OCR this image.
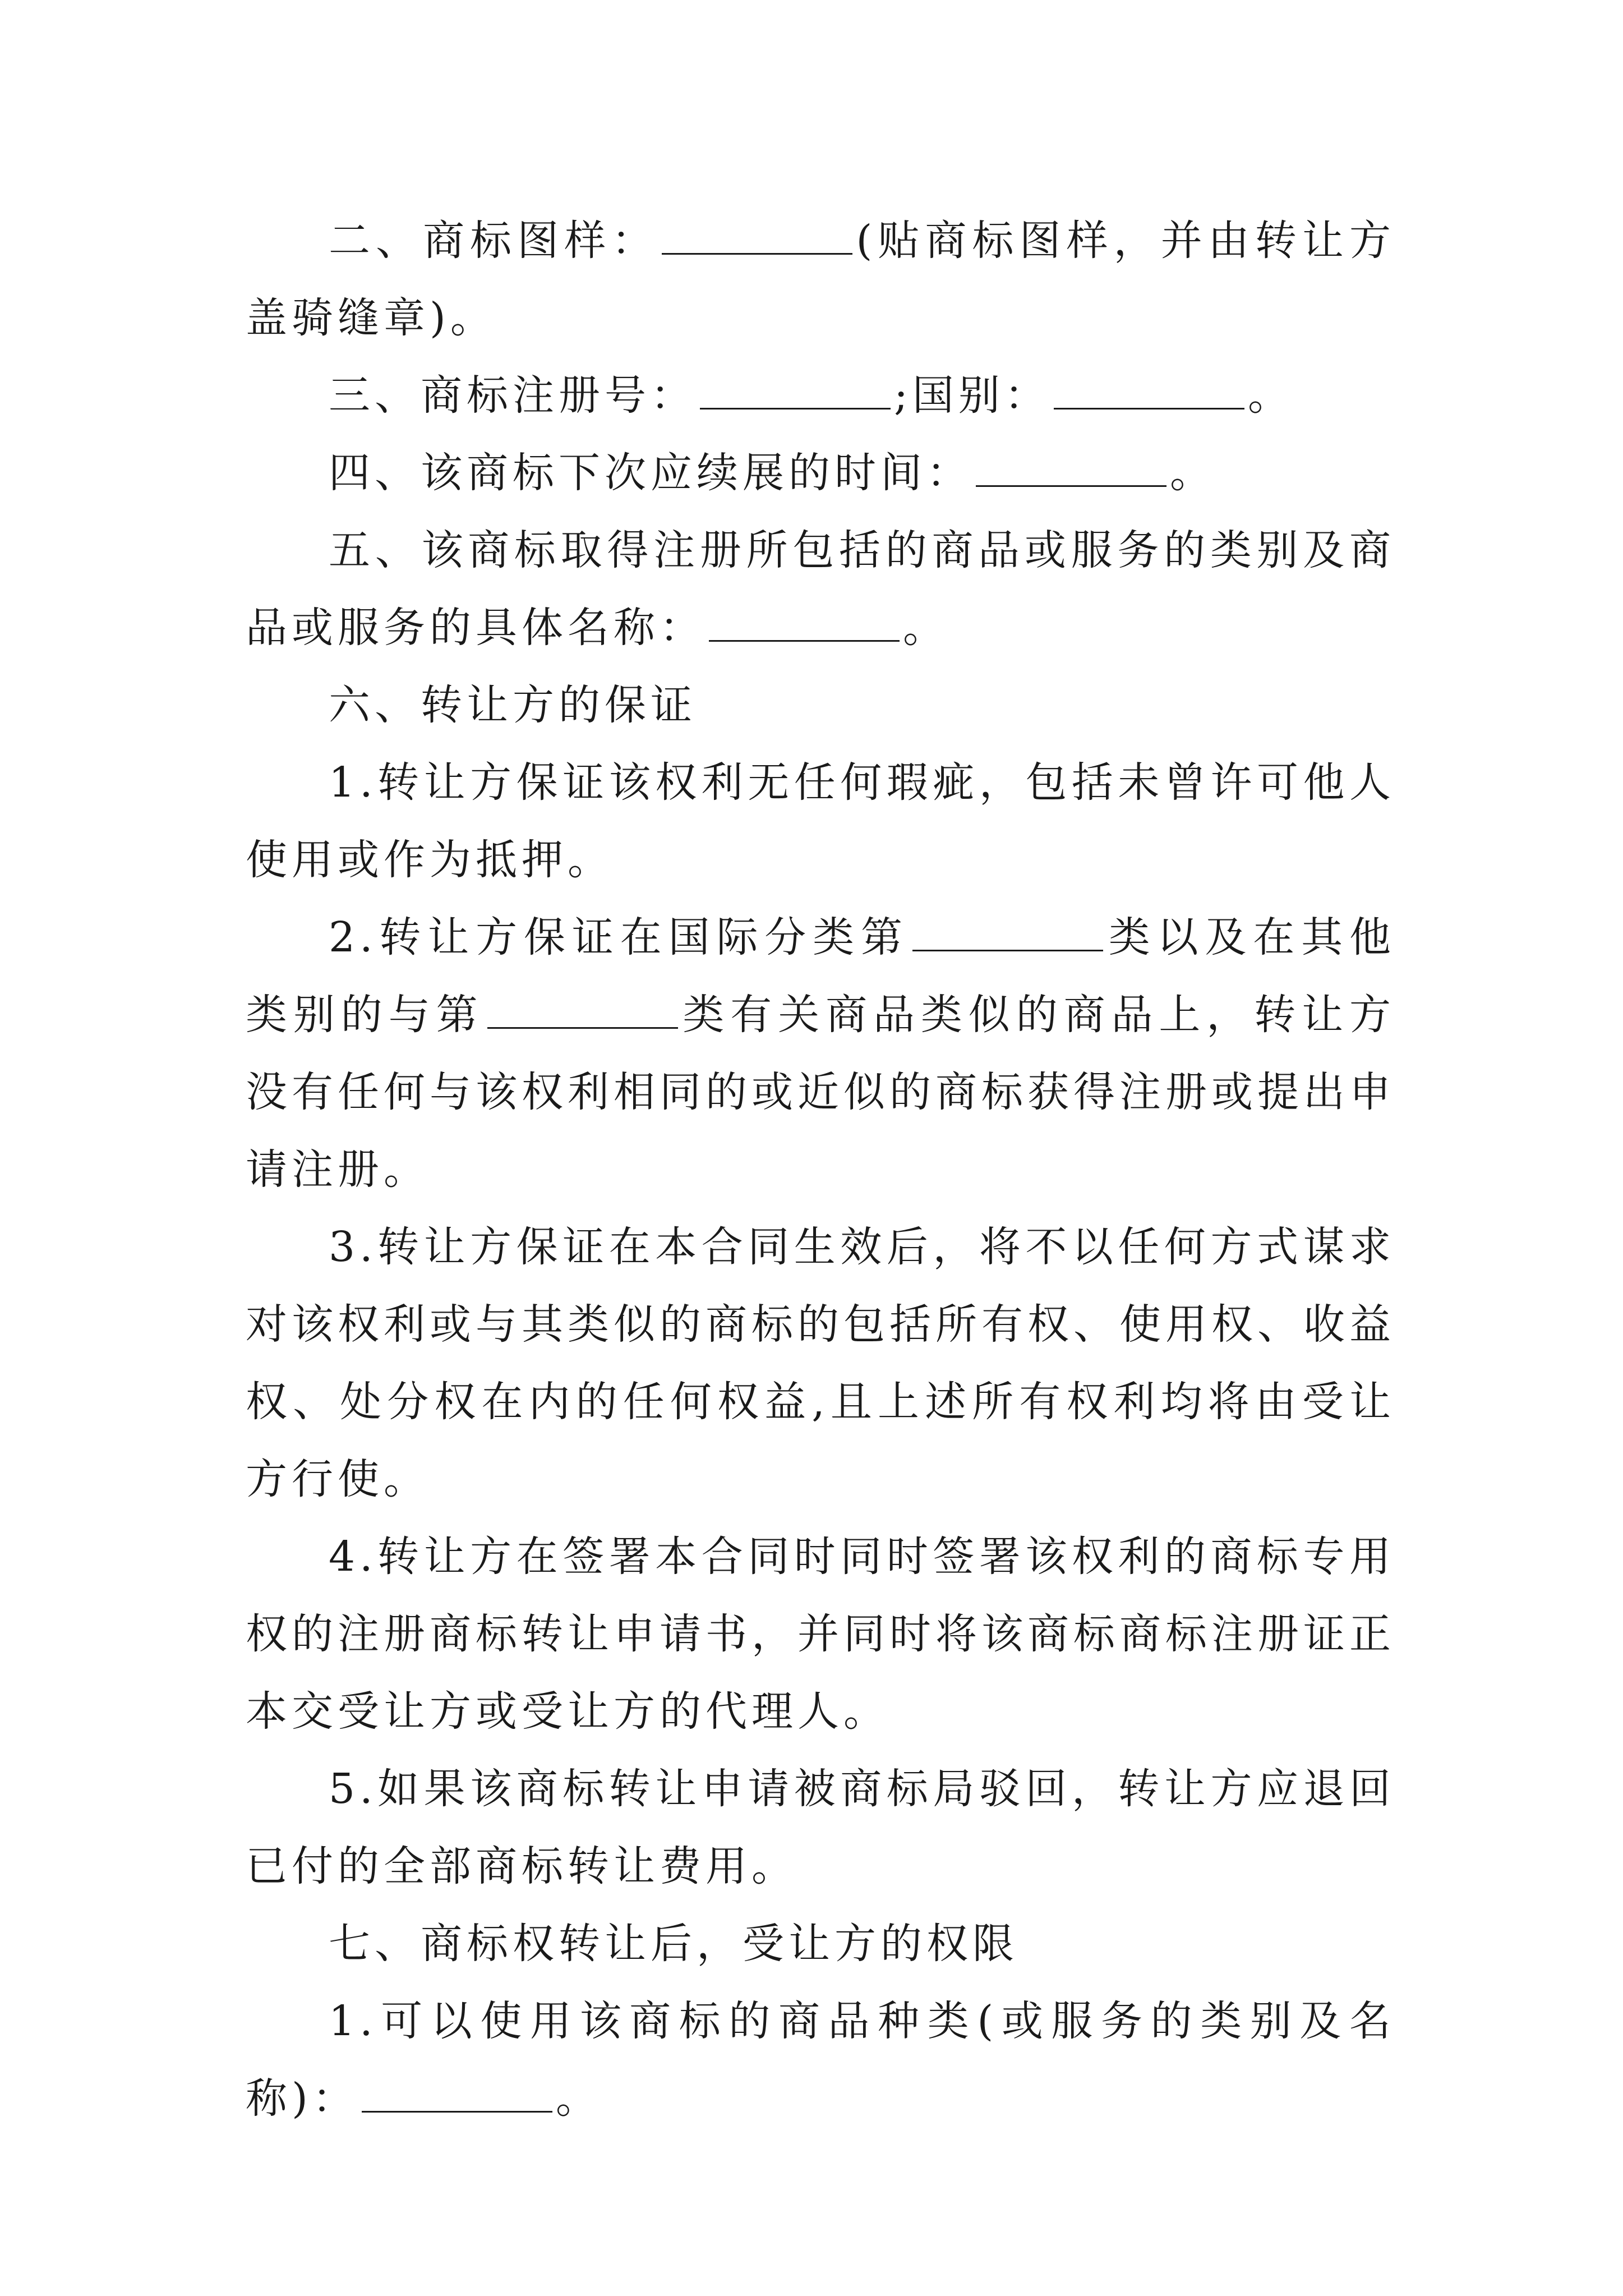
二、商标图样：	(贴商标图样，并由转让方盖骑缝章)。

三、商标注册号：	;国别：	。

四、该商标下次应续展的时间：	。

五、该商标取得注册所包括的商品或服务的类别及商品或服务的具体名称：	。

六、转让方的保证

1.转让方保证该权利无任何瑕疵，包括未曾许可他人使用或作为抵押。

2.转让方保证在国际分类第	类以及在其他类别的与第	类有关商品类似的商品上，转让方没有任何与该权利相同的或近似的商标获得注册或提出申请注册。

3.转让方保证在本合同生效后，将不以任何方式谋求对该权利或与其类似的商标的包括所有权、使用权、收益权、处分权在内的任何权益,且上述所有权利均将由受让方行使。

4.转让方在签署本合同时同时签署该权利的商标专用权的注册商标转让申请书，并同时将该商标商标注册证正本交受让方或受让方的代理人。

5.如果该商标转让申请被商标局驳回，转让方应退回已付的全部商标转让费用。

七、商标权转让后，受让方的权限

1.可以使用该商标的商品种类(或服务的类别及名称)：	。
